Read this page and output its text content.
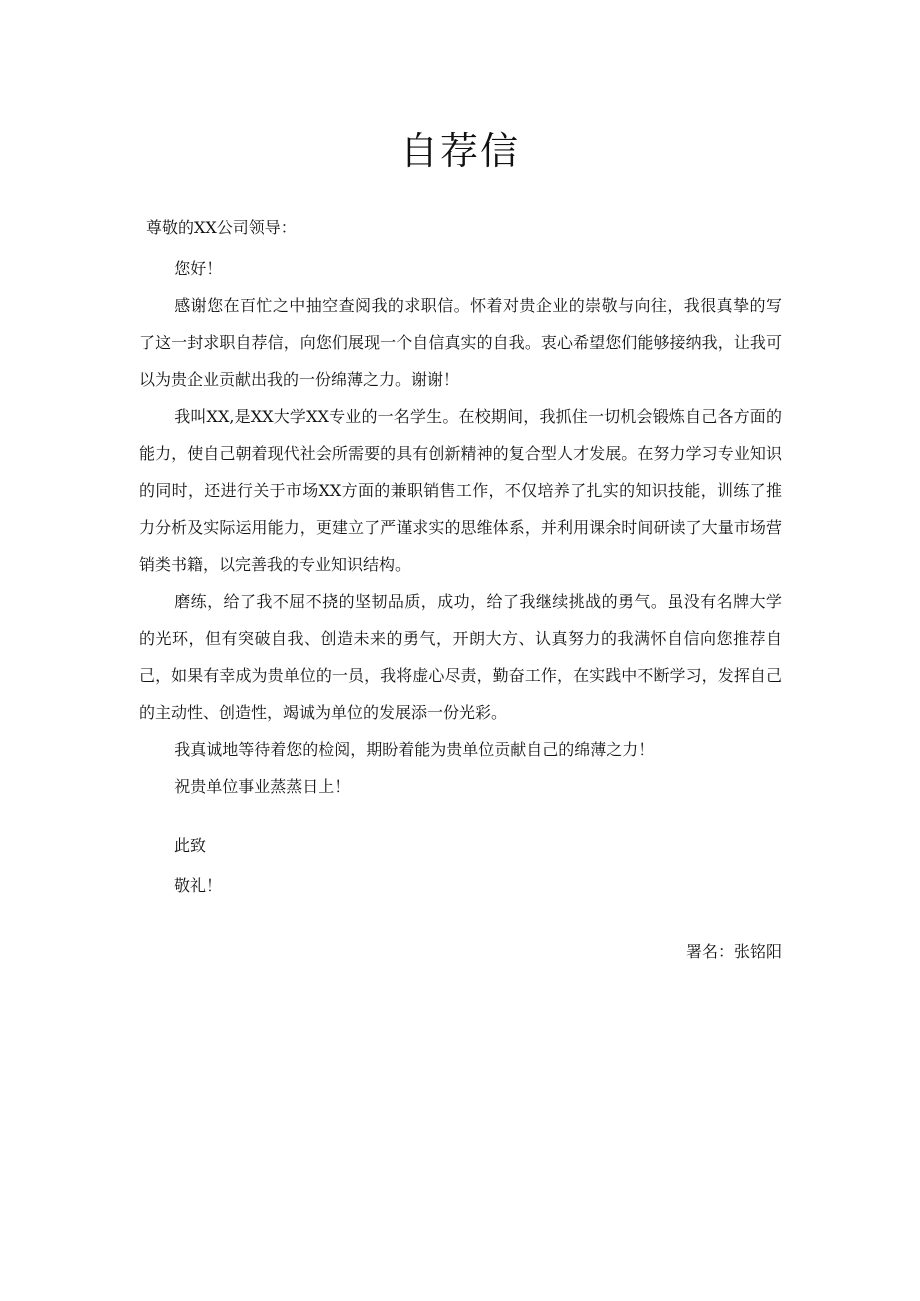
自荐信

尊敬的XX公司领导：

您好！

感谢您在百忙之中抽空查阅我的求职信。怀着对贵企业的崇敬与向往，我很真挚的写了这一封求职自荐信，向您们展现一个自信真实的自我。衷心希望您们能够接纳我，让我可以为贵企业贡献出我的一份绵薄之力。谢谢！

我叫XX,是XX大学XX专业的一名学生。在校期间，我抓住一切机会锻炼自己各方面的能力，使自己朝着现代社会所需要的具有创新精神的复合型人才发展。在努力学习专业知识的同时，还进行关于市场XX方面的兼职销售工作，不仅培养了扎实的知识技能，训练了推力分析及实际运用能力，更建立了严谨求实的思维体系，并利用课余时间研读了大量市场营销类书籍，以完善我的专业知识结构。

磨练，给了我不屈不挠的坚韧品质，成功，给了我继续挑战的勇气。虽没有名牌大学的光环，但有突破自我、创造未来的勇气，开朗大方、认真努力的我满怀自信向您推荐自己，如果有幸成为贵单位的一员，我将虚心尽责，勤奋工作，在实践中不断学习，发挥自己的主动性、创造性，竭诚为单位的发展添一份光彩。

我真诚地等待着您的检阅，期盼着能为贵单位贡献自己的绵薄之力！

祝贵单位事业蒸蒸日上！

此致

敬礼！

署名：张铭阳
